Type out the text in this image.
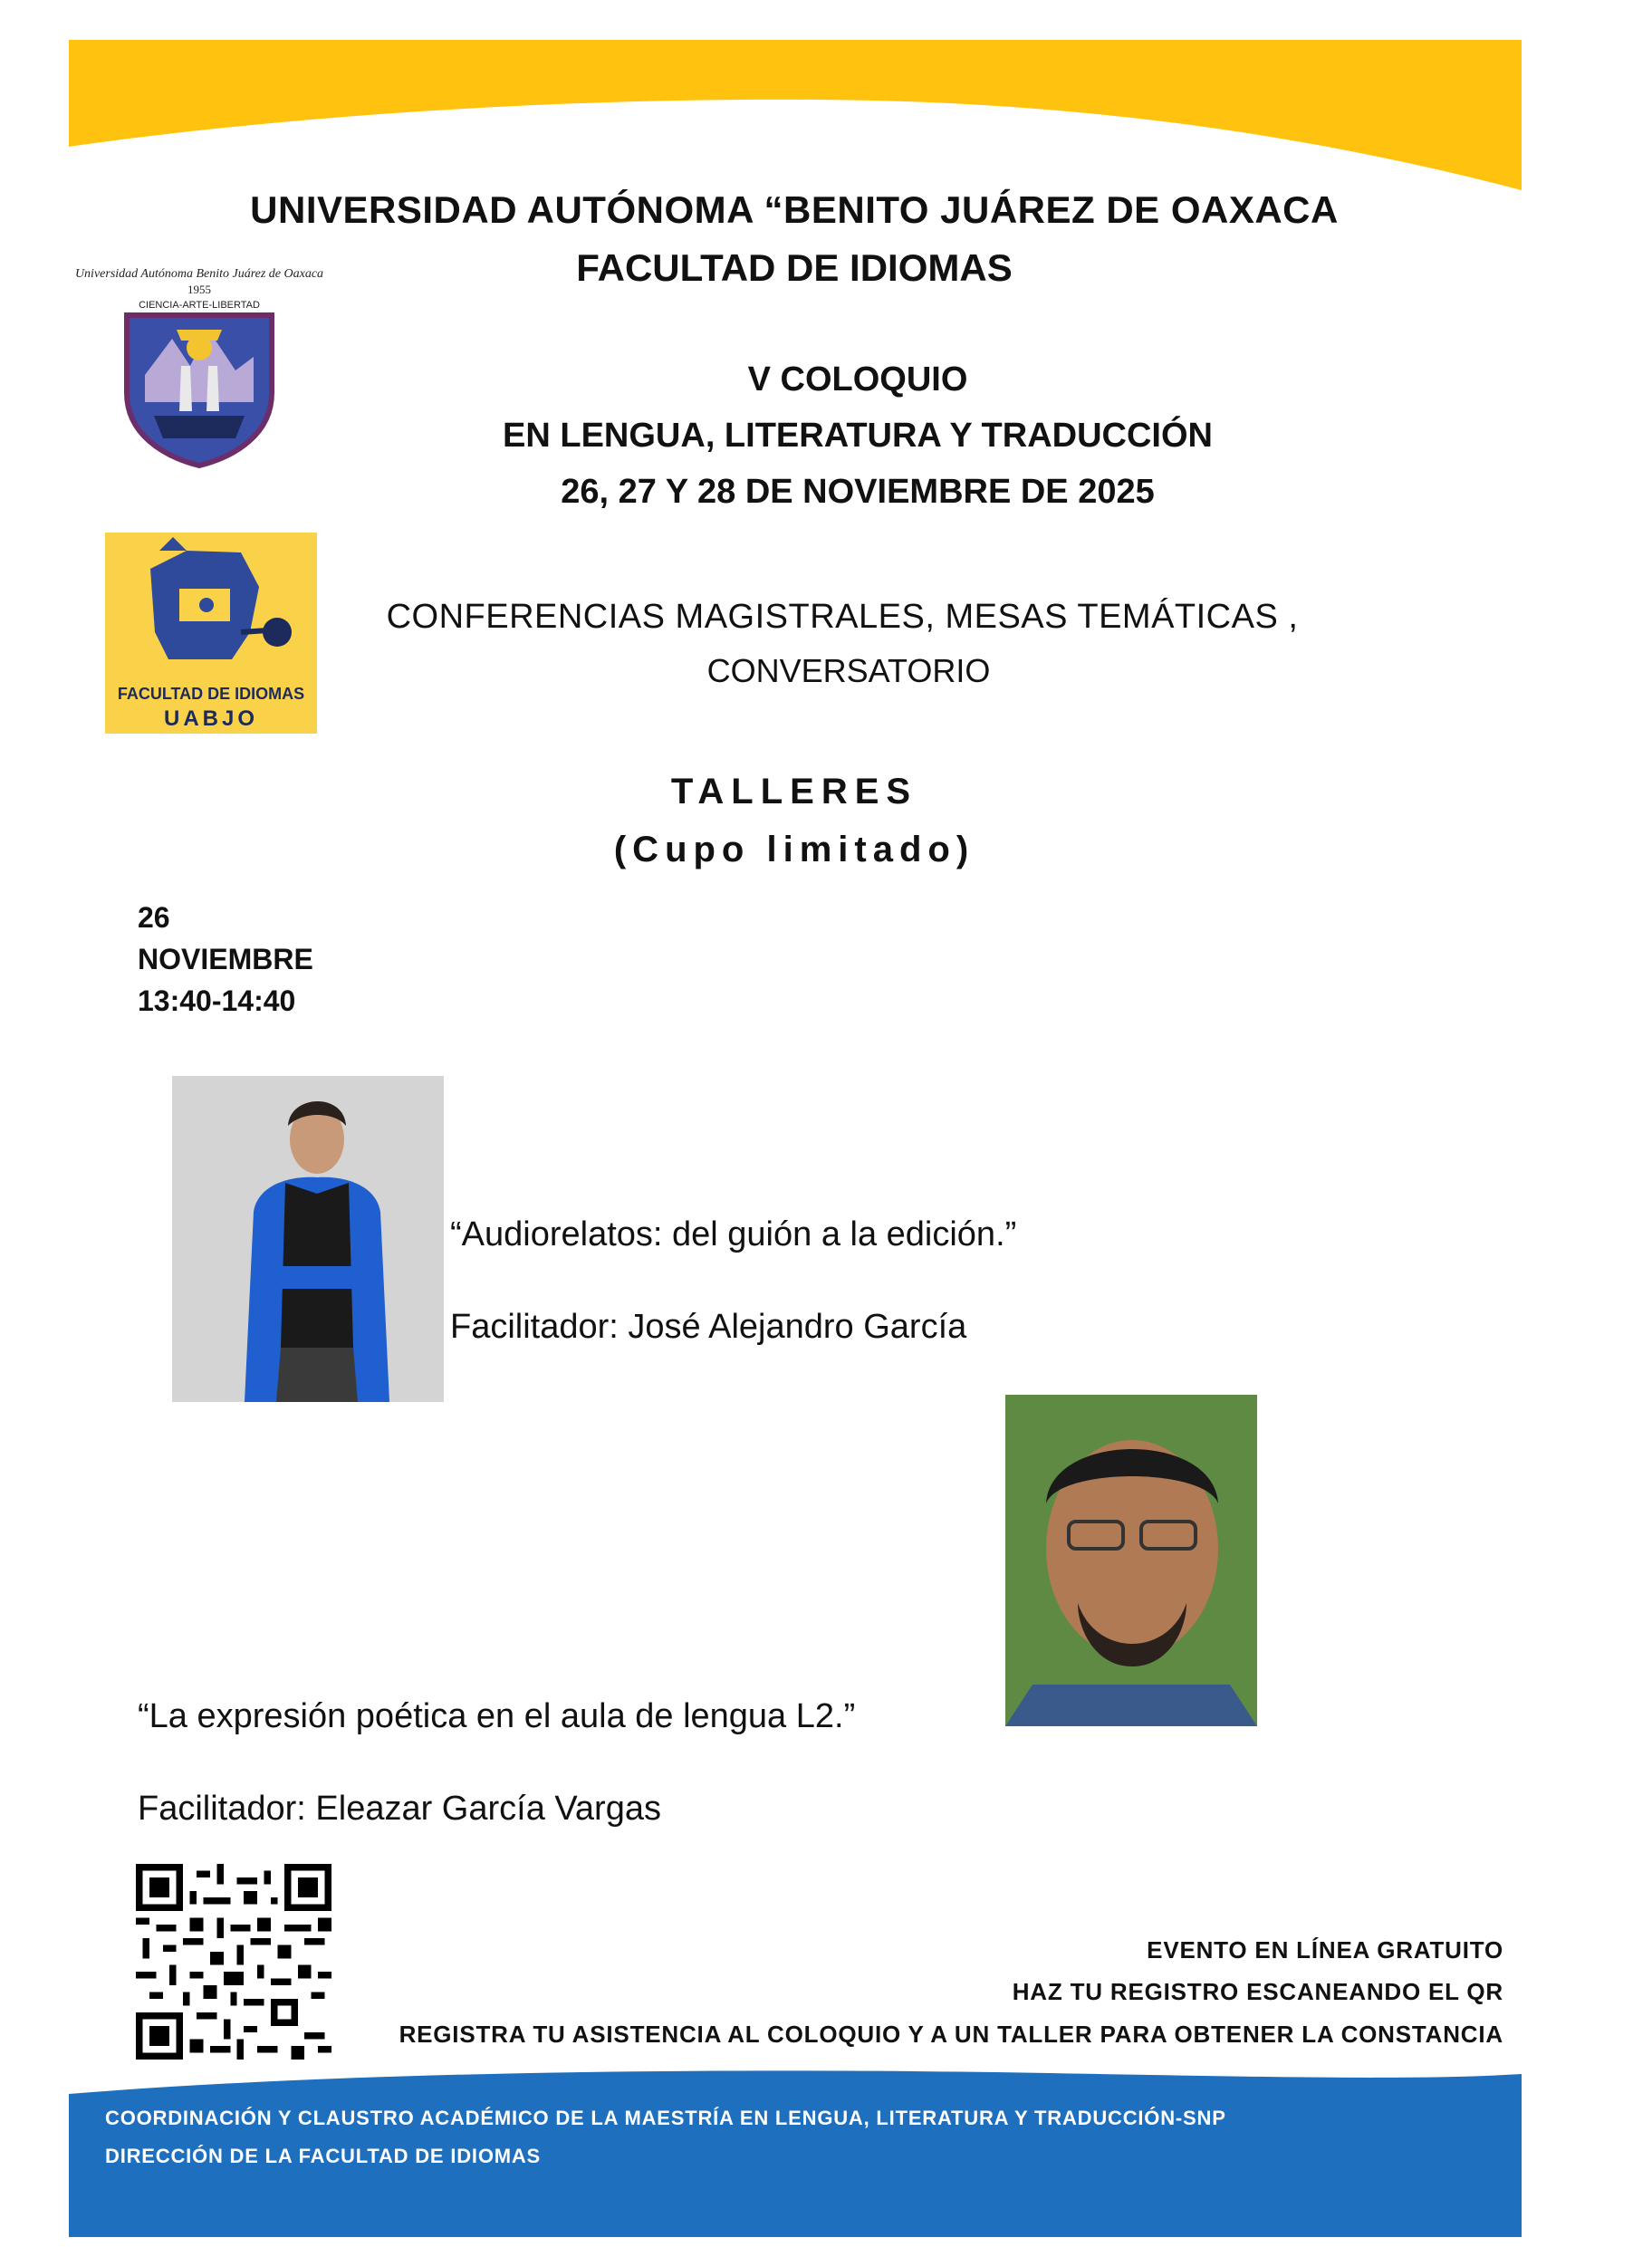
Universidad Autónoma Benito Juárez de Oaxaca
1955
CIENCIA-ARTE-LIBERTAD
FACULTAD DE IDIOMAS
UABJO
UNIVERSIDAD AUTÓNOMA “BENITO JUÁREZ DE OAXACA
FACULTAD DE IDIOMAS
V COLOQUIO
EN LENGUA, LITERATURA Y TRADUCCIÓN
26, 27 Y 28 DE NOVIEMBRE DE 2025
CONFERENCIAS MAGISTRALES, MESAS TEMÁTICAS ,
CONVERSATORIO
TALLERES
(Cupo limitado)
26
NOVIEMBRE
13:40-14:40
“Audiorelatos: del guión a la edición.”
Facilitador: José Alejandro García
“La expresión poética en el aula de lengua L2.”
Facilitador: Eleazar García Vargas
EVENTO EN LÍNEA GRATUITO
HAZ TU REGISTRO ESCANEANDO EL QR
REGISTRA TU ASISTENCIA AL COLOQUIO Y A UN TALLER PARA OBTENER LA CONSTANCIA
COORDINACIÓN Y CLAUSTRO ACADÉMICO DE LA MAESTRÍA EN LENGUA, LITERATURA Y TRADUCCIÓN-SNP
DIRECCIÓN DE LA FACULTAD DE IDIOMAS
